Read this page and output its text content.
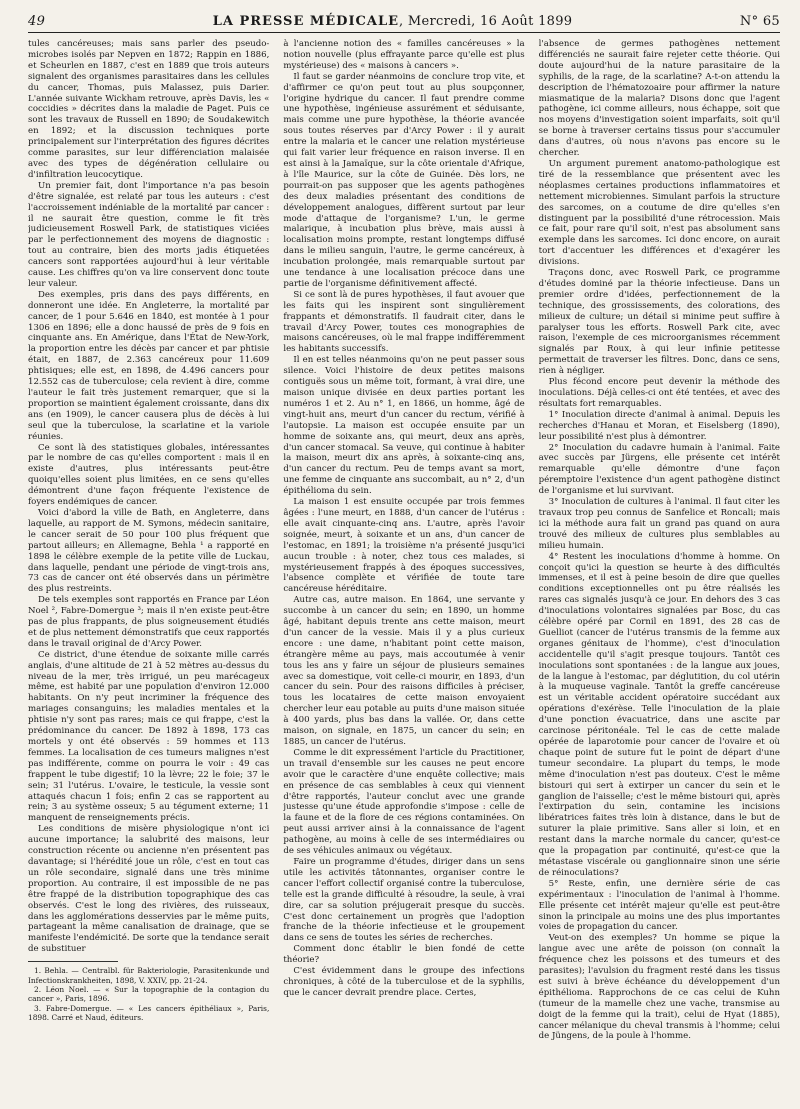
49	LA PRESSE MÉDICALE, Mercredi, 16 Août 1899	N° 65

tules cancéreuses; mais sans parler des pseudo-microbes isolés par Nepven en 1872; Rappin en 1886, et Scheurlen en 1887, c'est en 1889 que trois auteurs signalent des organismes parasitaires dans les cellules du cancer, Thomas, puis Malassez, puis Darier. L'année suivante Wickham retrouve, après Davis, les « coccidies » décrites dans la maladie de Paget. Puis ce sont les travaux de Russell en 1890; de Soudakewitch en 1892; et la discussion techniques porte principalement sur l'interprétation des figures décrites comme parasites, sur leur différenciation malaisée avec des types de dégénération cellulaire ou d'infiltration leucocytique.

Un premier fait, dont l'importance n'a pas besoin d'être signalée, est relaté par tous les auteurs : c'est l'accroissement indéniable de la mortalité par cancer : il ne saurait être question, comme le fit très judicieusement Roswell Park, de statistiques viciées par le perfectionnement des moyens de diagnostic : tout au contraire, bien des morts jadis étiquetées cancers sont rapportées aujourd'hui à leur véritable cause. Les chiffres qu'on va lire conservent donc toute leur valeur.

Des exemples, pris dans des pays différents, en donneront une idée. En Angleterre, la mortalité par cancer, de 1 pour 5.646 en 1840, est montée à 1 pour 1306 en 1896; elle a donc haussé de près de 9 fois en cinquante ans. En Amérique, dans l'État de New-York, la proportion entre les décès par cancer et par phtisie était, en 1887, de 2.363 cancéreux pour 11.609 phtisiques; elle est, en 1898, de 4.496 cancers pour 12.552 cas de tuberculose; cela revient à dire, comme l'auteur le fait très justement remarquer, que si la proportion se maintient également croissante, dans dix ans (en 1909), le cancer causera plus de décès à lui seul que la tuberculose, la scarlatine et la variole réunies.

Ce sont là des statistiques globales, intéressantes par le nombre de cas qu'elles comportent : mais il en existe d'autres, plus intéressants peut-être quoiqu'elles soient plus limitées, en ce sens qu'elles démontrent d'une façon fréquente l'existence de foyers endémiques de cancer.

Voici d'abord la ville de Bath, en Angleterre, dans laquelle, au rapport de M. Symons, médecin sanitaire, le cancer serait de 50 pour 100 plus fréquent que partout ailleurs; en Allemagne, Behla ¹ a rapporté en 1898 le célèbre exemple de la petite ville de Luckau, dans laquelle, pendant une période de vingt-trois ans, 73 cas de cancer ont été observés dans un périmètre des plus restreints.

De tels exemples sont rapportés en France par Léon Noel ², Fabre-Domergue ³; mais il n'en existe peut-être pas de plus frappants, de plus soigneusement étudiés et de plus nettement démonstratifs que ceux rapportés dans le travail original de d'Arcy Power.

Ce district, d'une étendue de soixante mille carrés anglais, d'une altitude de 21 à 52 mètres au-dessus du niveau de la mer, très irrigué, un peu marécageux même, est habité par une population d'environ 12.000 habitants. On n'y peut incriminer la fréquence des mariages consanguins; les maladies mentales et la phtisie n'y sont pas rares; mais ce qui frappe, c'est la prédominance du cancer. De 1892 à 1898, 173 cas mortels y ont été observés : 59 hommes et 113 femmes. La localisation de ces tumeurs malignes n'est pas indifférente, comme on pourra le voir : 49 cas frappent le tube digestif; 10 la lèvre; 22 le foie; 37 le sein; 31 l'utérus. L'ovaire, le testicule, la vessie sont attaqués chacun 1 fois; enfin 2 cas se rapportent au rein; 3 au système osseux; 5 au tégument externe; 11 manquent de renseignements précis.

Les conditions de misère physiologique n'ont ici aucune importance; la salubrité des maisons, leur construction récente ou ancienne n'en présentent pas davantage; si l'hérédité joue un rôle, c'est en tout cas un rôle secondaire, signalé dans une très minime proportion. Au contraire, il est impossible de ne pas être frappé de la distribution topographique des cas observés. C'est le long des rivières, des ruisseaux, dans les agglomérations desservies par le même puits, partageant la même canalisation de drainage, que se manifeste l'endémicité. De sorte que la tendance serait de substituer

1. Behla. — Centralbl. für Bakteriologie, Parasitenkunde und Infectionskrankheiten, 1898, V. XXIV, pp. 21-24.

2. Léon Noel. — « Sur la topographie de la contagion du cancer », Paris, 1896.

3. Fabre-Domergue. — « Les cancers épithéliaux », Paris, 1898. Carré et Naud, éditeurs.

à l'ancienne notion des « familles cancéreuses » la notion nouvelle (plus effrayante parce qu'elle est plus mystérieuse) des « maisons à cancers ».

Il faut se garder néanmoins de conclure trop vite, et d'affirmer ce qu'on peut tout au plus soupçonner, l'origine hydrique du cancer. Il faut prendre comme une hypothèse, ingénieuse assurément et séduisante, mais comme une pure hypothèse, la théorie avancée sous toutes réserves par d'Arcy Power : il y aurait entre la malaria et le cancer une relation mystérieuse qui fait varier leur fréquence en raison inverse. Il en est ainsi à la Jamaïque, sur la côte orientale d'Afrique, à l'île Maurice, sur la côte de Guinée. Dès lors, ne pourrait-on pas supposer que les agents pathogènes des deux maladies présentant des conditions de développement analogues, diffèrent surtout par leur mode d'attaque de l'organisme? L'un, le germe malarique, à incubation plus brève, mais aussi à localisation moins prompte, restant longtemps diffusé dans le milieu sanguin, l'autre, le germe cancéreux, à incubation prolongée, mais remarquable surtout par une tendance à une localisation précoce dans une partie de l'organisme définitivement affecté.

Si ce sont là de pures hypothèses, il faut avouer que les faits qui les inspirent sont singulièrement frappants et démonstratifs. Il faudrait citer, dans le travail d'Arcy Power, toutes ces monographies de maisons cancéreuses, où le mal frappe indifféremment les habitants successifs.

Il en est telles néanmoins qu'on ne peut passer sous silence. Voici l'histoire de deux petites maisons contiguës sous un même toit, formant, à vrai dire, une maison unique divisée en deux parties portant les numéros 1 et 2. Au n° 1, en 1866, un homme, âgé de vingt-huit ans, meurt d'un cancer du rectum, vérifié à l'autopsie. La maison est occupée ensuite par un homme de soixante ans, qui meurt, deux ans après, d'un cancer stomacal. Sa veuve, qui continue à habiter la maison, meurt dix ans après, à soixante-cinq ans, d'un cancer du rectum. Peu de temps avant sa mort, une femme de cinquante ans succombait, au n° 2, d'un épithélioma du sein.

La maison 1 est ensuite occupée par trois femmes âgées : l'une meurt, en 1888, d'un cancer de l'utérus : elle avait cinquante-cinq ans. L'autre, après l'avoir soignée, meurt, à soixante et un ans, d'un cancer de l'estomac, en 1891; la troisième n'a présenté jusqu'ici aucun trouble : à noter, chez tous ces malades, si mystérieusement frappés à des époques successives, l'absence complète et vérifiée de toute tare cancéreuse héréditaire.

Autre cas, autre maison. En 1864, une servante y succombe à un cancer du sein; en 1890, un homme âgé, habitant depuis trente ans cette maison, meurt d'un cancer de la vessie. Mais il y a plus curieux encore : une dame, n'habitant point cette maison, étrangère même au pays, mais accoutumée à venir tous les ans y faire un séjour de plusieurs semaines avec sa domestique, voit celle-ci mourir, en 1893, d'un cancer du sein. Pour des raisons difficiles à préciser, tous les locataires de cette maison envoyaient chercher leur eau potable au puits d'une maison située à 400 yards, plus bas dans la vallée. Or, dans cette maison, on signale, en 1875, un cancer du sein; en 1885, un cancer de l'utérus.

Comme le dit expressément l'article du Practitioner, un travail d'ensemble sur les causes ne peut encore avoir que le caractère d'une enquête collective; mais en présence de cas semblables à ceux qui viennent d'être rapportés, l'auteur conclut avec une grande justesse qu'une étude approfondie s'impose : celle de la faune et de la flore de ces régions contaminées. On peut aussi arriver ainsi à la connaissance de l'agent pathogène, au moins à celle de ses intermédiaires ou de ses véhicules animaux ou végétaux.

Faire un programme d'études, diriger dans un sens utile les activités tâtonnantes, organiser contre le cancer l'effort collectif organisé contre la tuberculose, telle est la grande difficulté à résoudre, la seule, à vrai dire, car sa solution préjugerait presque du succès. C'est donc certainement un progrès que l'adoption franche de la théorie infectieuse et le groupement dans ce sens de toutes les séries de recherches.

Comment donc établir le bien fondé de cette théorie?

C'est évidemment dans le groupe des infections chroniques, à côté de la tuberculose et de la syphilis, que le cancer devrait prendre place. Certes,

l'absence de germes pathogènes nettement différenciés ne saurait faire rejeter cette théorie. Qui doute aujourd'hui de la nature parasitaire de la syphilis, de la rage, de la scarlatine? A-t-on attendu la description de l'hématozoaire pour affirmer la nature miasmatique de la malaria? Disons donc que l'agent pathogène, ici comme ailleurs, nous échappe, soit que nos moyens d'investigation soient imparfaits, soit qu'il se borne à traverser certains tissus pour s'accumuler dans d'autres, où nous n'avons pas encore su le chercher.

Un argument purement anatomo-pathologique est tiré de la ressemblance que présentent avec les néoplasmes certaines productions inflammatoires et nettement microbiennes. Simulant parfois la structure des sarcomes, on a coutume de dire qu'elles s'en distinguent par la possibilité d'une rétrocession. Mais ce fait, pour rare qu'il soit, n'est pas absolument sans exemple dans les sarcomes. Ici donc encore, on aurait tort d'accentuer les différences et d'exagérer les divisions.

Traçons donc, avec Roswell Park, ce programme d'études dominé par la théorie infectieuse. Dans un premier ordre d'idées, perfectionnement de la technique, des grossissements, des colorations, des milieux de culture; un détail si minime peut suffire à paralyser tous les efforts. Roswell Park cite, avec raison, l'exemple de ces microorganismes récemment signalés par Roux, à qui leur infinie petitesse permettait de traverser les filtres. Donc, dans ce sens, rien à négliger.

Plus fécond encore peut devenir la méthode des inoculations. Déjà celles-ci ont été tentées, et avec des résultats fort remarquables.

1° Inoculation directe d'animal à animal. Depuis les recherches d'Hanau et Moran, et Eiselsberg (1890), leur possibilité n'est plus à démontrer.

2° Inoculation du cadavre humain à l'animal. Faite avec succès par Jürgens, elle présente cet intérêt remarquable qu'elle démontre d'une façon péremptoire l'existence d'un agent pathogène distinct de l'organisme et lui survivant.

3° Inoculation de cultures à l'animal. Il faut citer les travaux trop peu connus de Sanfelice et Roncali; mais ici la méthode aura fait un grand pas quand on aura trouvé des milieux de cultures plus semblables au milieu humain.

4° Restent les inoculations d'homme à homme. On conçoit qu'ici la question se heurte à des difficultés immenses, et il est à peine besoin de dire que quelles conditions exceptionnelles ont pu être réalisés les rares cas signalés jusqu'à ce jour. En dehors des 3 cas d'inoculations volontaires signalées par Bosc, du cas célèbre opéré par Cornil en 1891, des 28 cas de Guelliot (cancer de l'utérus transmis de la femme aux organes génitaux de l'homme), c'est d'inoculation accidentelle qu'il s'agit presque toujours. Tantôt ces inoculations sont spontanées : de la langue aux joues, de la langue à l'estomac, par déglutition, du col utérin à la muqueuse vaginale. Tantôt la greffe cancéreuse est un véritable accident opératoire succédant aux opérations d'exérèse. Telle l'inoculation de la plaie d'une ponction évacuatrice, dans une ascite par carcinose péritonéale. Tel le cas de cette malade opérée de laparotomie pour cancer de l'ovaire et où chaque point de suture fut le point de départ d'une tumeur secondaire. La plupart du temps, le mode même d'inoculation n'est pas douteux. C'est le même bistouri qui sert à extirper un cancer du sein et le ganglion de l'aisselle; c'est le même bistouri qui, après l'extirpation du sein, contamine les incisions libératrices faites très loin à distance, dans le but de suturer la plaie primitive. Sans aller si loin, et en restant dans la marche normale du cancer, qu'est-ce que la propagation par continuité, qu'est-ce que la métastase viscérale ou ganglionnaire sinon une série de réinoculations?

5° Reste, enfin, une dernière série de cas expérimentaux : l'inoculation de l'animal à l'homme. Elle présente cet intérêt majeur qu'elle est peut-être sinon la principale au moins une des plus importantes voies de propagation du cancer.

Veut-on des exemples? Un homme se pique la langue avec une arête de poisson (on connaît la fréquence chez les poissons et des tumeurs et des parasites); l'avulsion du fragment resté dans les tissus est suivi à brève échéance du développement d'un épithélioma. Rapprochons de ce cas celui de Kuhn (tumeur de la mamelle chez une vache, transmise au doigt de la femme qui la trait), celui de Hyat (1885), cancer mélanique du cheval transmis à l'homme; celui de Jüngens, de la poule à l'homme.
